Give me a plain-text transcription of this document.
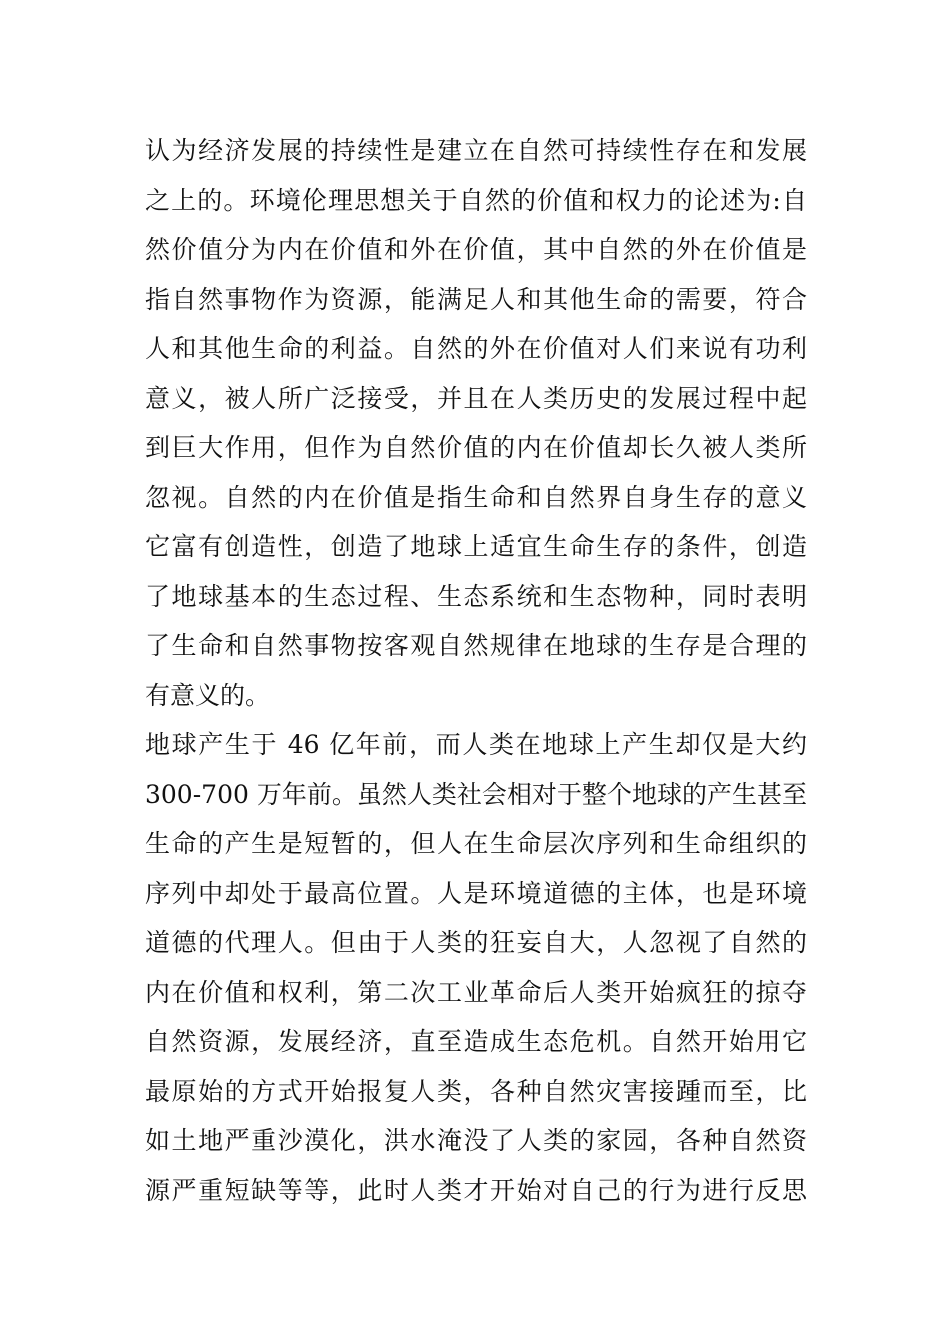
认为经济发展的持续性是建立在自然可持续性存在和发展
之上的。环境伦理思想关于自然的价值和权力的论述为:自
然价值分为内在价值和外在价值，其中自然的外在价值是
指自然事物作为资源，能满足人和其他生命的需要，符合
人和其他生命的利益。自然的外在价值对人们来说有功利
意义，被人所广泛接受，并且在人类历史的发展过程中起
到巨大作用，但作为自然价值的内在价值却长久被人类所
忽视。自然的内在价值是指生命和自然界自身生存的意义
它富有创造性，创造了地球上适宜生命生存的条件，创造
了地球基本的生态过程、生态系统和生态物种，同时表明
了生命和自然事物按客观自然规律在地球的生存是合理的
有意义的。
地球产生于 46 亿年前，而人类在地球上产生却仅是大约
300-700 万年前。虽然人类社会相对于整个地球的产生甚至
生命的产生是短暂的，但人在生命层次序列和生命组织的
序列中却处于最高位置。人是环境道德的主体，也是环境
道德的代理人。但由于人类的狂妄自大，人忽视了自然的
内在价值和权利，第二次工业革命后人类开始疯狂的掠夺
自然资源，发展经济，直至造成生态危机。自然开始用它
最原始的方式开始报复人类，各种自然灾害接踵而至，比
如土地严重沙漠化，洪水淹没了人类的家园，各种自然资
源严重短缺等等，此时人类才开始对自己的行为进行反思
